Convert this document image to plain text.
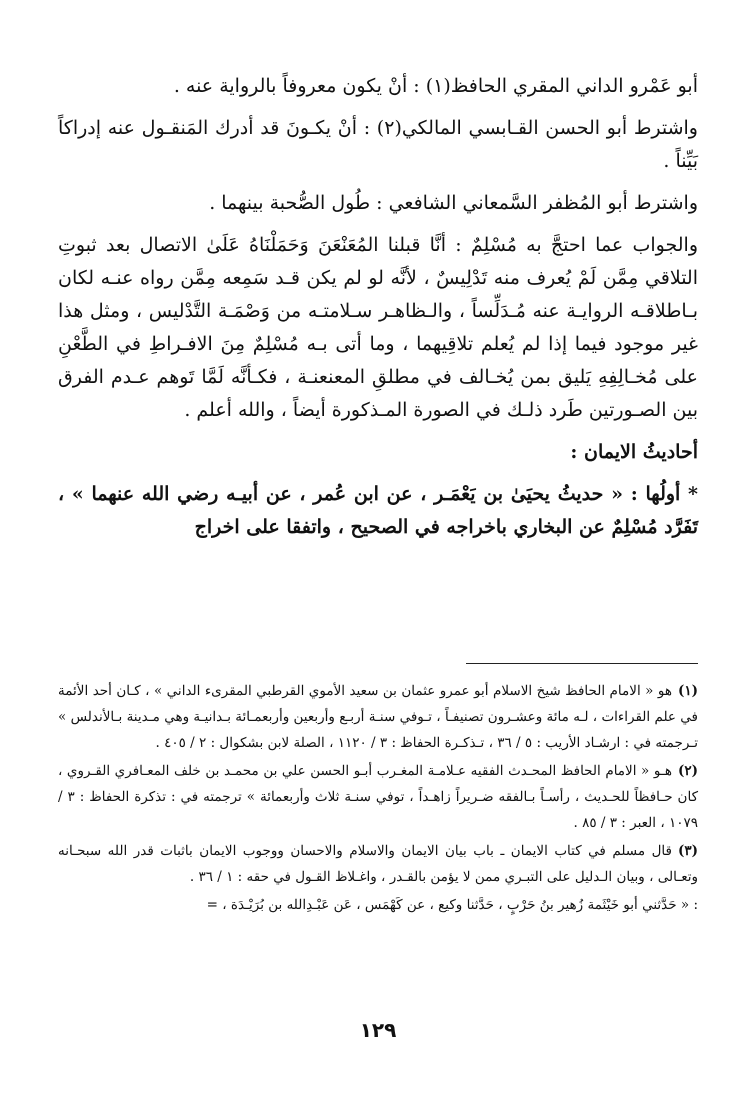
أبو عَمْرو الداني المقري الحافظ(١) : أنْ يكون معروفاً بالرواية عنه .

واشترط أبو الحسن القـابسي المالكي(٢) : أنْ يكـونَ قد أدرك المَنقـول عنه إدراكاً بَيِّناً .

واشترط أبو المُظفر السَّمعاني الشافعي : طُول الصُّحبة بينهما .

والجواب عما احتجَّ به مُسْلِمٌ : أنَّا قبلنا المُعَنْعَنَ وَحَمَلْنَاهُ عَلَىٰ الاتصال بعد ثبوتِ التلاقي مِمَّن لَمْ يُعرف منه تَدْلِيسٌ ، لأنَّه لو لم يكن قـد سَمِعه مِمَّن رواه عنـه لكان بـاطلاقـه الروايـة عنه مُـدَلِّساً ، والـظاهـر سـلامتـه من وَصْمَـة التَّدْليس ، ومثل هذا غير موجود فيما إذا لم يُعلم تلاقِيهما ، وما أتى بـه مُسْلِمٌ مِنَ الافـراطِ في الطَّعْنِ على مُخـالِفِهِ يَليق بمن يُخـالف في مطلقِ المعنعنـة ، فكـأنَّه لَمَّا تَوهم عـدم الفرق بين الصـورتين طَرد ذلـك في الصورة المـذكورة أيضاً ، والله أعلم .

أحاديثُ الايمان :

* أولُها : « حديثُ يحيَىٰ بن يَعْمَـر ، عن ابن عُمر ، عن أبيـه رضي الله عنهما » ، تَفَرَّد مُسْلِمٌ عن البخاري باخراجه في الصحيح ، واتفقا على اخراج

(١)هو « الامام الحافظ شيخ الاسلام أبو عمرو عثمان بن سعيد الأموي القرطبي المقرىء الداني » ، كـان أحد الأئمة في علم القراءات ، لـه مائة وعشـرون تصنيفـاً ، تـوفي سنـة أربـع وأربعين وأربعمـائة بـدانيـة وهي مـدينة بـالأندلس » تـرجمته في : ارشـاد الأريب : ٥ / ٣٦ ، تـذكـرة الحفاظ : ٣ / ١١٢٠ ، الصلة لابن بشكوال : ٢ / ٤٠٥ .

(٢)هـو « الامام الحافظ المحـدث الفقيه عـلامـة المغـرب أبـو الحسن علي بن محمـد بن خلف المعـافري القـروي ، كان حـافظاً للحـديث ، رأسـاً بـالفقه ضـريراً زاهـداً ، توفي سنـة ثلاث وأربعمائة » ترجمته في : تذكرة الحفاظ : ٣ / ١٠٧٩ ، العبر : ٣ / ٨٥ .

(٣)قال مسلم في كتاب الايمان ـ باب بيان الايمان والاسلام والاحسان ووجوب الايمان باثبات قدر الله سبحـانه وتعـالى ، وبيان الـدليل على التبـري ممن لا يؤمن بالقـدر ، واغـلاظ القـول في حقه : ١ / ٣٦ .

: « حَدَّثني أبو خَيْثَمة زُهير بنُ حَرْبٍ ، حَدَّثنا وكيع ، عن كَهْمَس ، عَن عَبْـدِالله بن بُرَيْـدَة ، =

١٢٩
